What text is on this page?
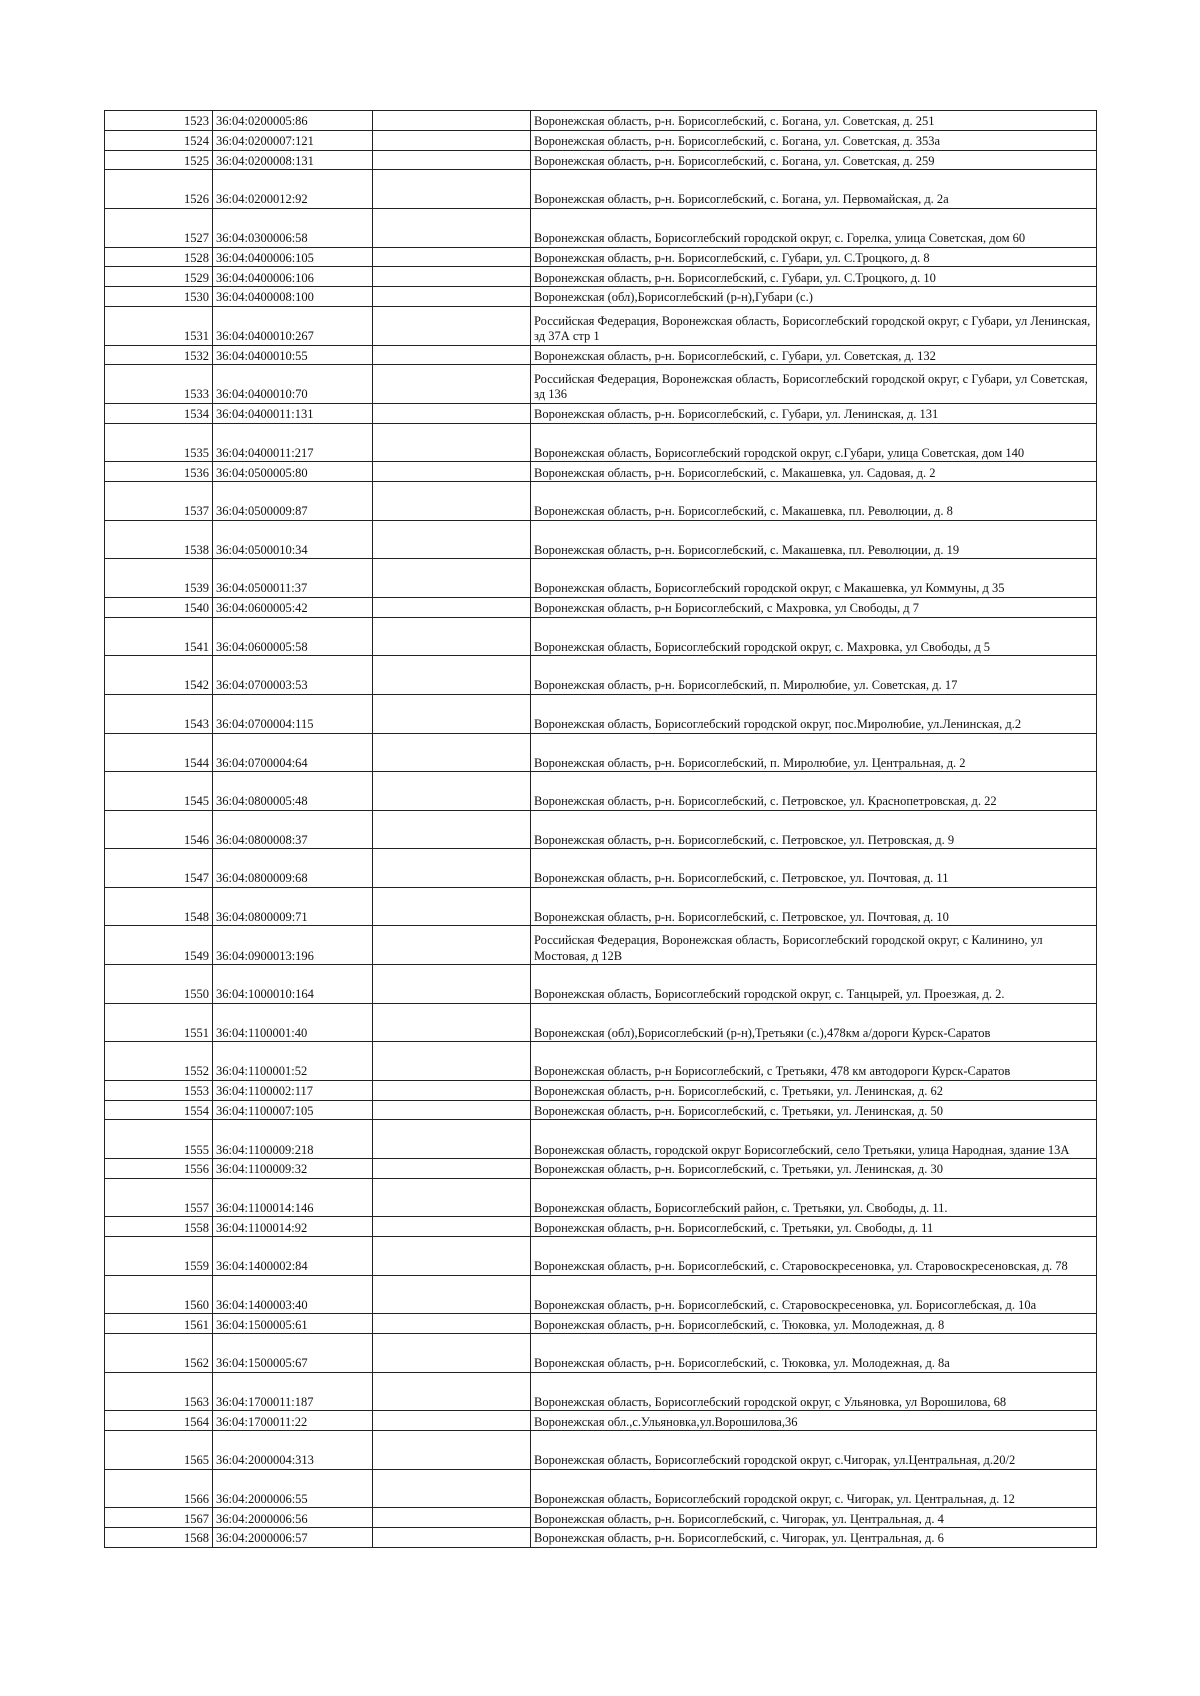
1523	36:04:0200005:86		Воронежская область, р-н. Борисоглебский, с. Богана, ул. Советская, д. 251
1524	36:04:0200007:121		Воронежская область, р-н. Борисоглебский, с. Богана, ул. Советская, д. 353а
1525	36:04:0200008:131		Воронежская область, р-н. Борисоглебский, с. Богана, ул. Советская, д. 259
1526	36:04:0200012:92		Воронежская область, р-н. Борисоглебский, с. Богана, ул. Первомайская, д. 2а
1527	36:04:0300006:58		Воронежская область, Борисоглебский городской округ, с. Горелка, улица Советская, дом 60
1528	36:04:0400006:105		Воронежская область, р-н. Борисоглебский, с. Губари, ул. С.Троцкого, д. 8
1529	36:04:0400006:106		Воронежская область, р-н. Борисоглебский, с. Губари, ул. С.Троцкого, д. 10
1530	36:04:0400008:100		Воронежская (обл),Борисоглебский (р-н),Губари (с.)
1531	36:04:0400010:267		Российская Федерация, Воронежская область, Борисоглебский городской округ, с Губари, ул Ленинская, зд 37А стр 1
1532	36:04:0400010:55		Воронежская область, р-н. Борисоглебский, с. Губари, ул. Советская, д. 132
1533	36:04:0400010:70		Российская Федерация, Воронежская область, Борисоглебский городской округ, с Губари, ул Советская, зд 136
1534	36:04:0400011:131		Воронежская область, р-н. Борисоглебский, с. Губари, ул. Ленинская, д. 131
1535	36:04:0400011:217		Воронежская область, Борисоглебский городской округ, с.Губари, улица Советская, дом 140
1536	36:04:0500005:80		Воронежская область, р-н. Борисоглебский, с. Макашевка, ул. Садовая, д. 2
1537	36:04:0500009:87		Воронежская область, р-н. Борисоглебский, с. Макашевка, пл. Революции, д. 8
1538	36:04:0500010:34		Воронежская область, р-н. Борисоглебский, с. Макашевка, пл. Революции, д. 19
1539	36:04:0500011:37		Воронежская область, Борисоглебский городской округ, с Макашевка, ул Коммуны, д 35
1540	36:04:0600005:42		Воронежская область, р-н Борисоглебский, с Махровка, ул Свободы, д 7
1541	36:04:0600005:58		Воронежская область, Борисоглебский городской округ, с. Махровка, ул Свободы, д 5
1542	36:04:0700003:53		Воронежская область, р-н. Борисоглебский, п. Миролюбие, ул. Советская, д. 17
1543	36:04:0700004:115		Воронежская область, Борисоглебский городской округ, пос.Миролюбие, ул.Ленинская, д.2
1544	36:04:0700004:64		Воронежская область, р-н. Борисоглебский, п. Миролюбие, ул. Центральная, д. 2
1545	36:04:0800005:48		Воронежская область, р-н. Борисоглебский, с. Петровское, ул. Краснопетровская, д. 22
1546	36:04:0800008:37		Воронежская область, р-н. Борисоглебский, с. Петровское, ул. Петровская, д. 9
1547	36:04:0800009:68		Воронежская область, р-н. Борисоглебский, с. Петровское, ул. Почтовая, д. 11
1548	36:04:0800009:71		Воронежская область, р-н. Борисоглебский, с. Петровское, ул. Почтовая, д. 10
1549	36:04:0900013:196		Российская Федерация, Воронежская область, Борисоглебский городской округ, с Калинино, ул Мостовая, д 12В
1550	36:04:1000010:164		Воронежская область, Борисоглебский городской округ, с. Танцырей, ул. Проезжая, д. 2.
1551	36:04:1100001:40		Воронежская (обл),Борисоглебский (р-н),Третьяки (с.),478км а/дороги Курск-Саратов
1552	36:04:1100001:52		Воронежская область, р-н Борисоглебский, с Третьяки, 478 км автодороги Курск-Саратов
1553	36:04:1100002:117		Воронежская область, р-н. Борисоглебский, с. Третьяки, ул. Ленинская, д. 62
1554	36:04:1100007:105		Воронежская область, р-н. Борисоглебский, с. Третьяки, ул. Ленинская, д. 50
1555	36:04:1100009:218		Воронежская область, городской округ Борисоглебский, село Третьяки, улица Народная, здание 13А
1556	36:04:1100009:32		Воронежская область, р-н. Борисоглебский, с. Третьяки, ул. Ленинская, д. 30
1557	36:04:1100014:146		Воронежская область, Борисоглебский район, с. Третьяки, ул. Свободы, д. 11.
1558	36:04:1100014:92		Воронежская область, р-н. Борисоглебский, с. Третьяки, ул. Свободы, д. 11
1559	36:04:1400002:84		Воронежская область, р-н. Борисоглебский, с. Старовоскресеновка, ул. Старовоскресеновская, д. 78
1560	36:04:1400003:40		Воронежская область, р-н. Борисоглебский, с. Старовоскресеновка, ул. Борисоглебская, д. 10а
1561	36:04:1500005:61		Воронежская область, р-н. Борисоглебский, с. Тюковка, ул. Молодежная, д. 8
1562	36:04:1500005:67		Воронежская область, р-н. Борисоглебский, с. Тюковка, ул. Молодежная, д. 8а
1563	36:04:1700011:187		Воронежская область, Борисоглебский городской округ, с Ульяновка, ул Ворошилова, 68
1564	36:04:1700011:22		Воронежская обл.,с.Ульяновка,ул.Ворошилова,36
1565	36:04:2000004:313		Воронежская область, Борисоглебский городской округ, с.Чигорак, ул.Центральная, д.20/2
1566	36:04:2000006:55		Воронежская область, Борисоглебский городской округ, с. Чигорак, ул. Центральная, д. 12
1567	36:04:2000006:56		Воронежская область, р-н. Борисоглебский, с. Чигорак, ул. Центральная, д. 4
1568	36:04:2000006:57		Воронежская область, р-н. Борисоглебский, с. Чигорак, ул. Центральная, д. 6
